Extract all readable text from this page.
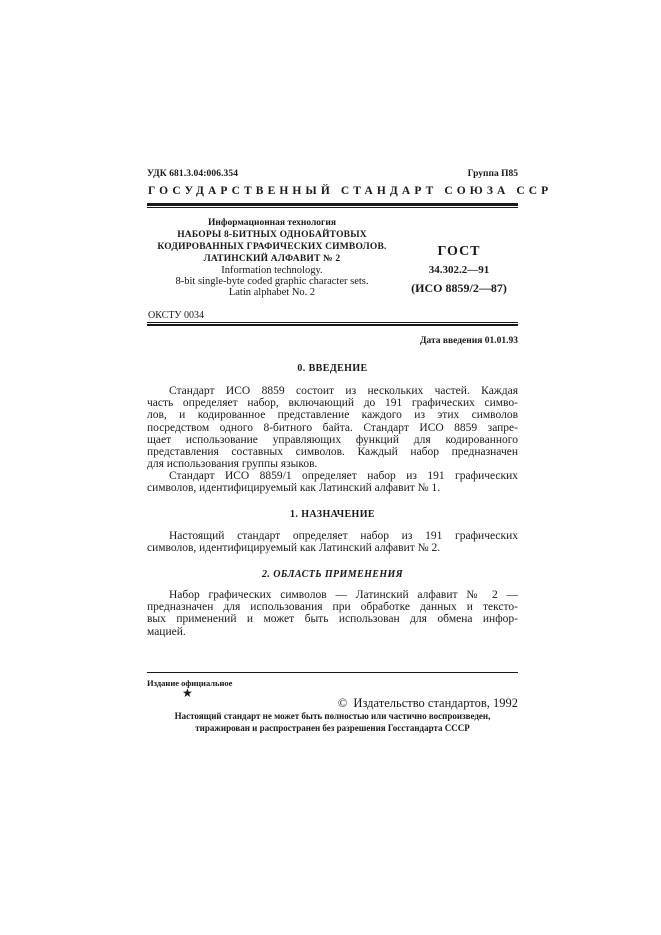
УДК 681.3.04:006.354	Группа П85
ГОСУДАРСТВЕННЫЙ СТАНДАРТ СОЮЗА ССР
Информационная технология
НАБОРЫ 8-БИТНЫХ ОДНОБАЙТОВЫХ
КОДИРОВАННЫХ ГРАФИЧЕСКИХ СИМВОЛОВ.
ЛАТИНСКИЙ АЛФАВИТ № 2
Information technology.
8-bit single-byte coded graphic character sets.
Latin alphabet No. 2
ГОСТ
34.302.2—91
(ИСО 8859/2—87)
ОКСТУ 0034
Дата введения 01.01.93
0. ВВЕДЕНИЕ
Стандарт ИСО 8859 состоит из нескольких частей. Каждая
часть определяет набор, включающий до 191 графических симво-
лов, и кодированное представление каждого из этих символов
посредством одного 8-битного байта. Стандарт ИСО 8859 запре-
щает использование управляющих функций для кодированного
представления составных символов. Каждый набор предназначен
для использования группы языков.
Стандарт ИСО 8859/1 определяет набор из 191 графических
символов, идентифицируемый как Латинский алфавит № 1.
1. НАЗНАЧЕНИЕ
Настоящий стандарт определяет набор из 191 графических
символов, идентифицируемый как Латинский алфавит № 2.
2. ОБЛАСТЬ ПРИМЕНЕНИЯ
Набор графических символов — Латинский алфавит № 2 —
предназначен для использования при обработке данных и тексто-
вых применений и может быть использован для обмена инфор-
мацией.
Издание официальное
★
© Издательство стандартов, 1992
Настоящий стандарт не может быть полностью или частично воспроизведен,
тиражирован и распространен без разрешения Госстандарта СССР
